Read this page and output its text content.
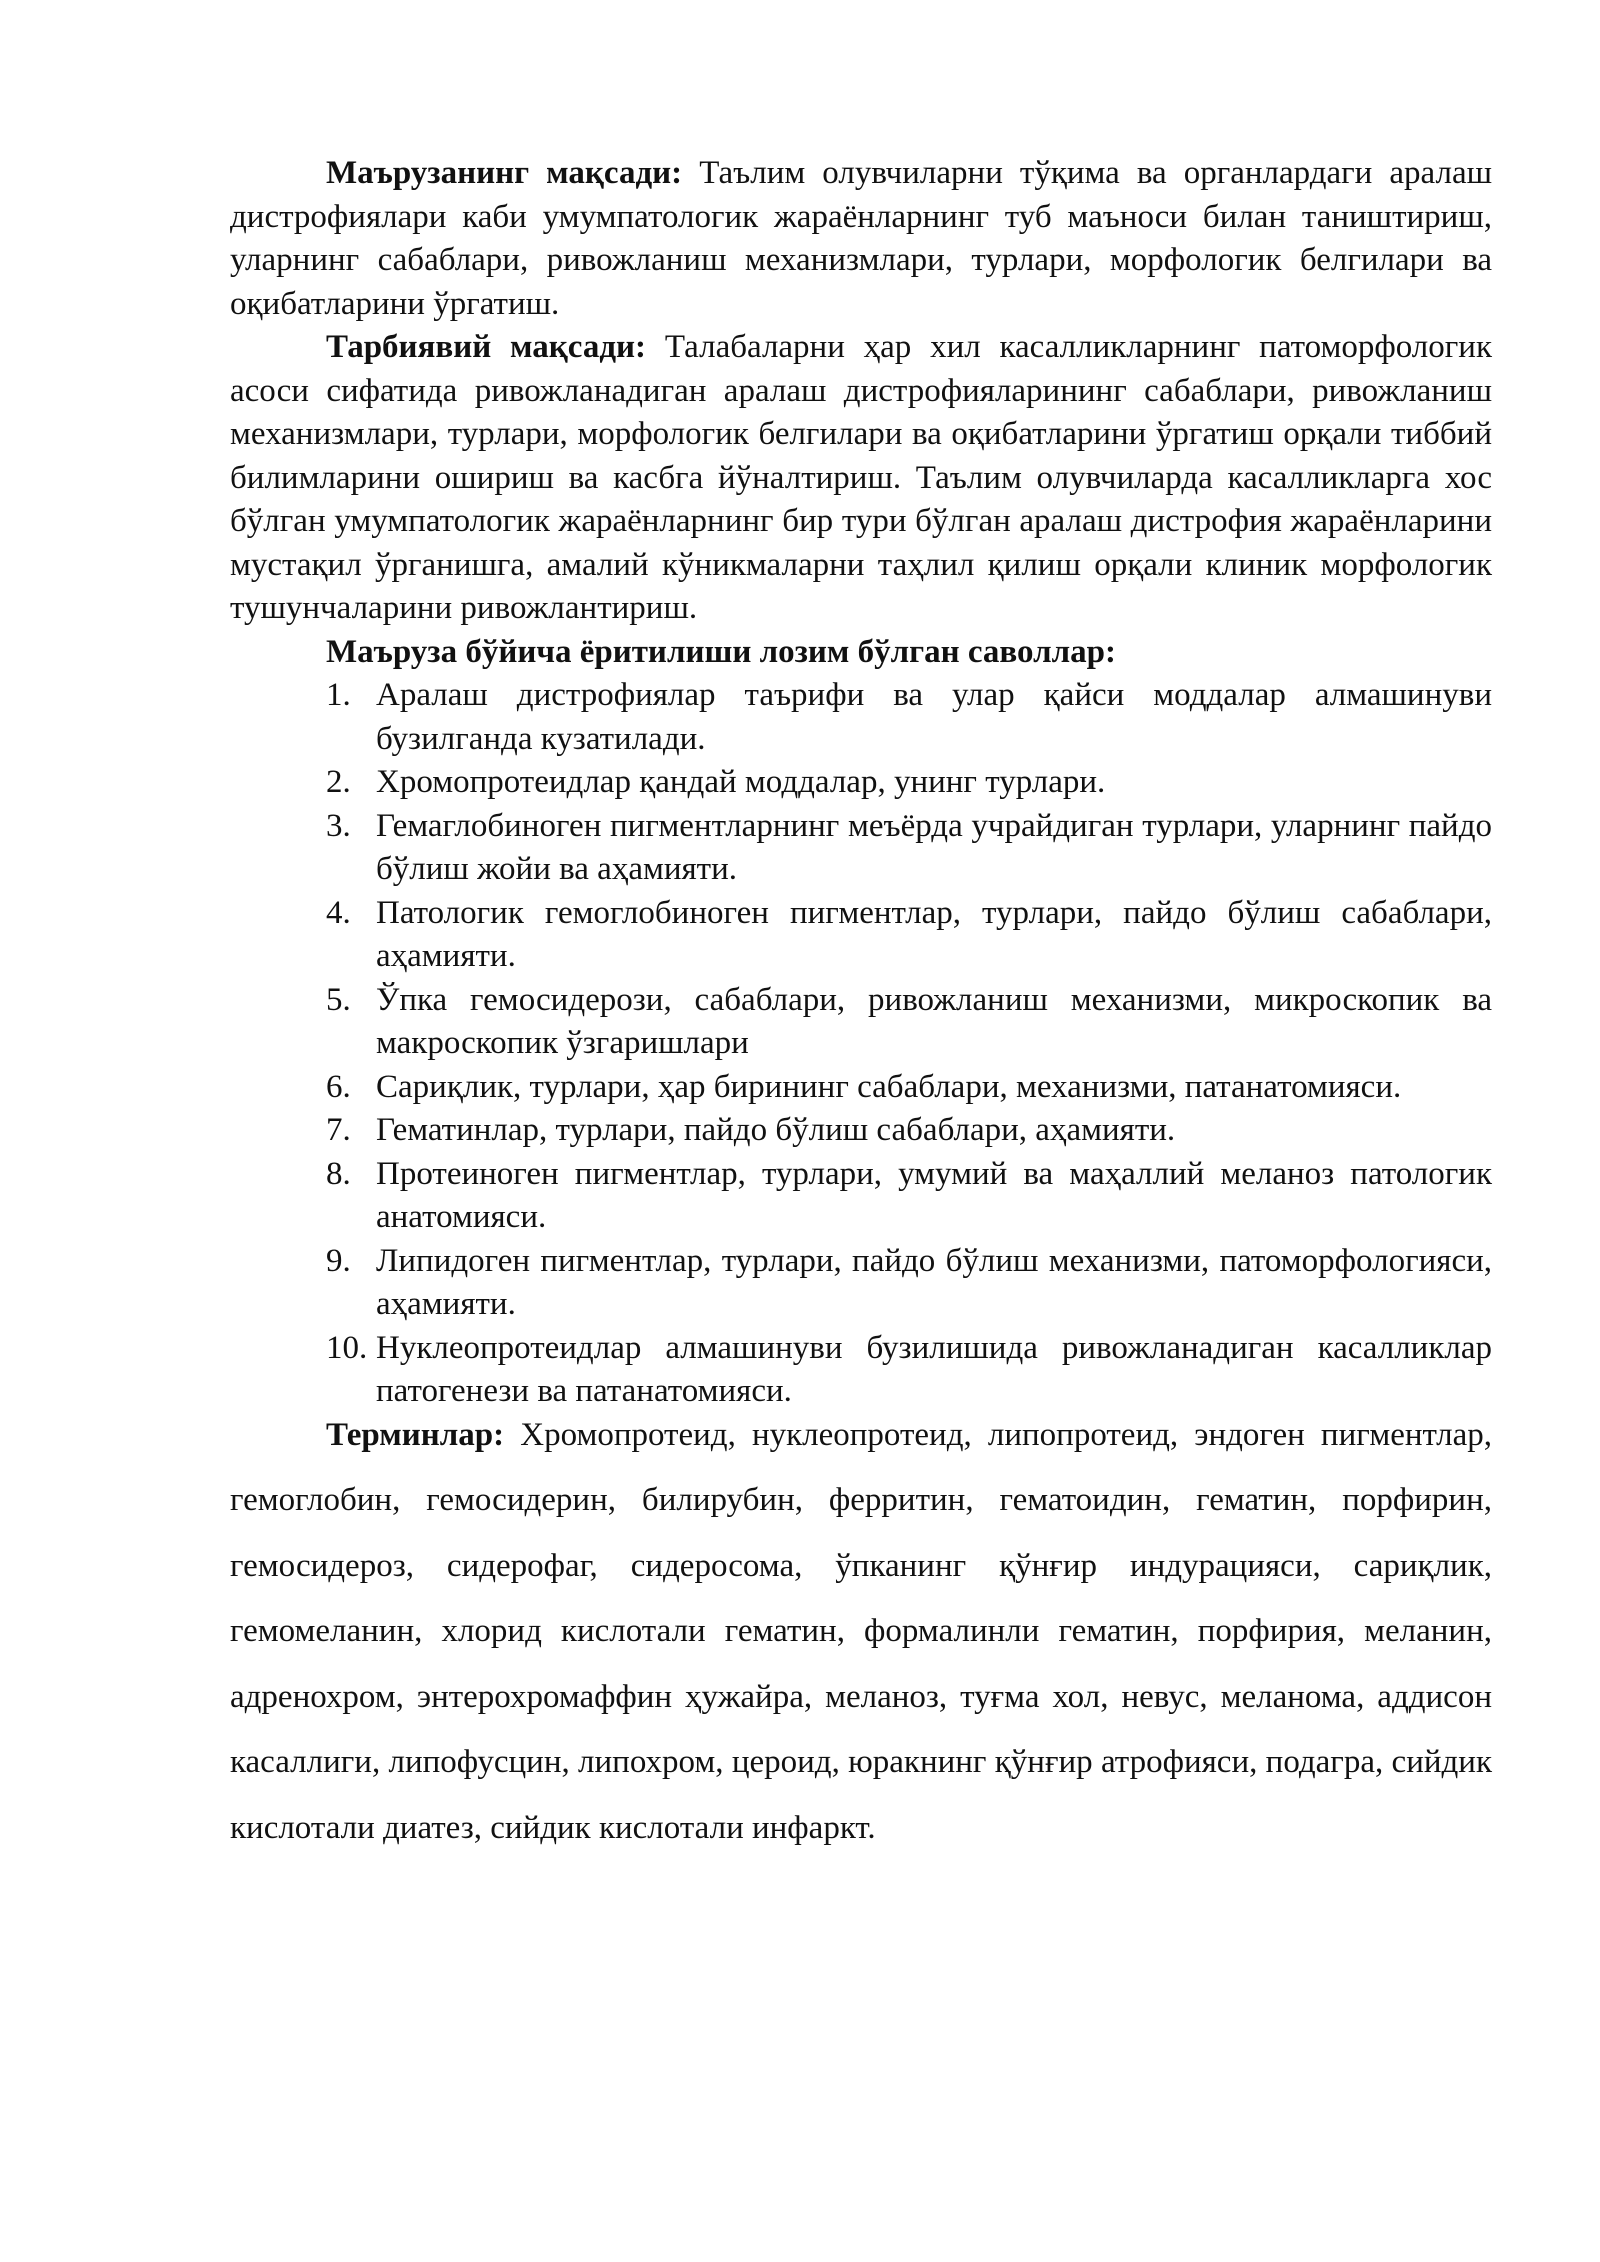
Маърузанинг мақсади: Таълим олувчиларни тўқима ва органлардаги аралаш дистрофиялари каби умумпатологик жараёнларнинг туб маъноси билан таништириш, уларнинг сабаблари, ривожланиш механизмлари, турлари, морфологик белгилари ва оқибатларини ўргатиш.

Тарбиявий мақсади: Талабаларни ҳар хил касалликларнинг патоморфологик асоси сифатида ривожланадиган аралаш дистрофияларининг сабаблари, ривожланиш механизмлари, турлари, морфологик белгилари ва оқибатларини ўргатиш орқали тиббий билимларини ошириш ва касбга йўналтириш. Таълим олувчиларда касалликларга хос бўлган умумпатологик жараёнларнинг бир тури бўлган аралаш дистрофия жараёнларини мустақил ўрганишга, амалий кўникмаларни таҳлил қилиш орқали клиник морфологик тушунчаларини ривожлантириш.

Маъруза бўйича ёритилиши лозим бўлган саволлар:

1. Аралаш дистрофиялар таърифи ва улар қайси моддалар алмашинуви бузилганда кузатилади.
2. Хромопротеидлар қандай моддалар, унинг турлари.
3. Гемаглобиноген пигментларнинг меъёрда учрайдиган турлари, уларнинг пайдо бўлиш жойи ва аҳамияти.
4. Патологик гемоглобиноген пигментлар, турлари, пайдо бўлиш сабаблари, аҳамияти.
5. Ўпка гемосидерози, сабаблари, ривожланиш механизми, микроскопик ва макроскопик ўзгаришлари
6. Сариқлик, турлари, ҳар бирининг сабаблари, механизми, патанатомияси.
7. Гематинлар, турлари, пайдо бўлиш сабаблари, аҳамияти.
8. Протеиноген пигментлар, турлари, умумий ва маҳаллий меланоз патологик анатомияси.
9. Липидоген пигментлар, турлари, пайдо бўлиш механизми, патоморфологияси, аҳамияти.
10. Нуклеопротеидлар алмашинуви бузилишида ривожланадиган касалликлар патогенези ва патанатомияси.

Терминлар: Хромопротеид, нуклеопротеид, липопротеид, эндоген пигментлар, гемоглобин, гемосидерин, билирубин, ферритин, гематоидин, гематин, порфирин, гемосидероз, сидерофаг, сидеросома, ўпканинг қўнғир индурацияси, сариқлик, гемомеланин, хлорид кислотали гематин, формалинли гематин, порфирия, меланин, адренохром, энтерохромаффин ҳужайра, меланоз, туғма хол, невус, меланома, аддисон касаллиги, липофусцин, липохром, цероид, юракнинг қўнғир атрофияси, подагра, сийдик кислотали диатез, сийдик кислотали инфаркт.
